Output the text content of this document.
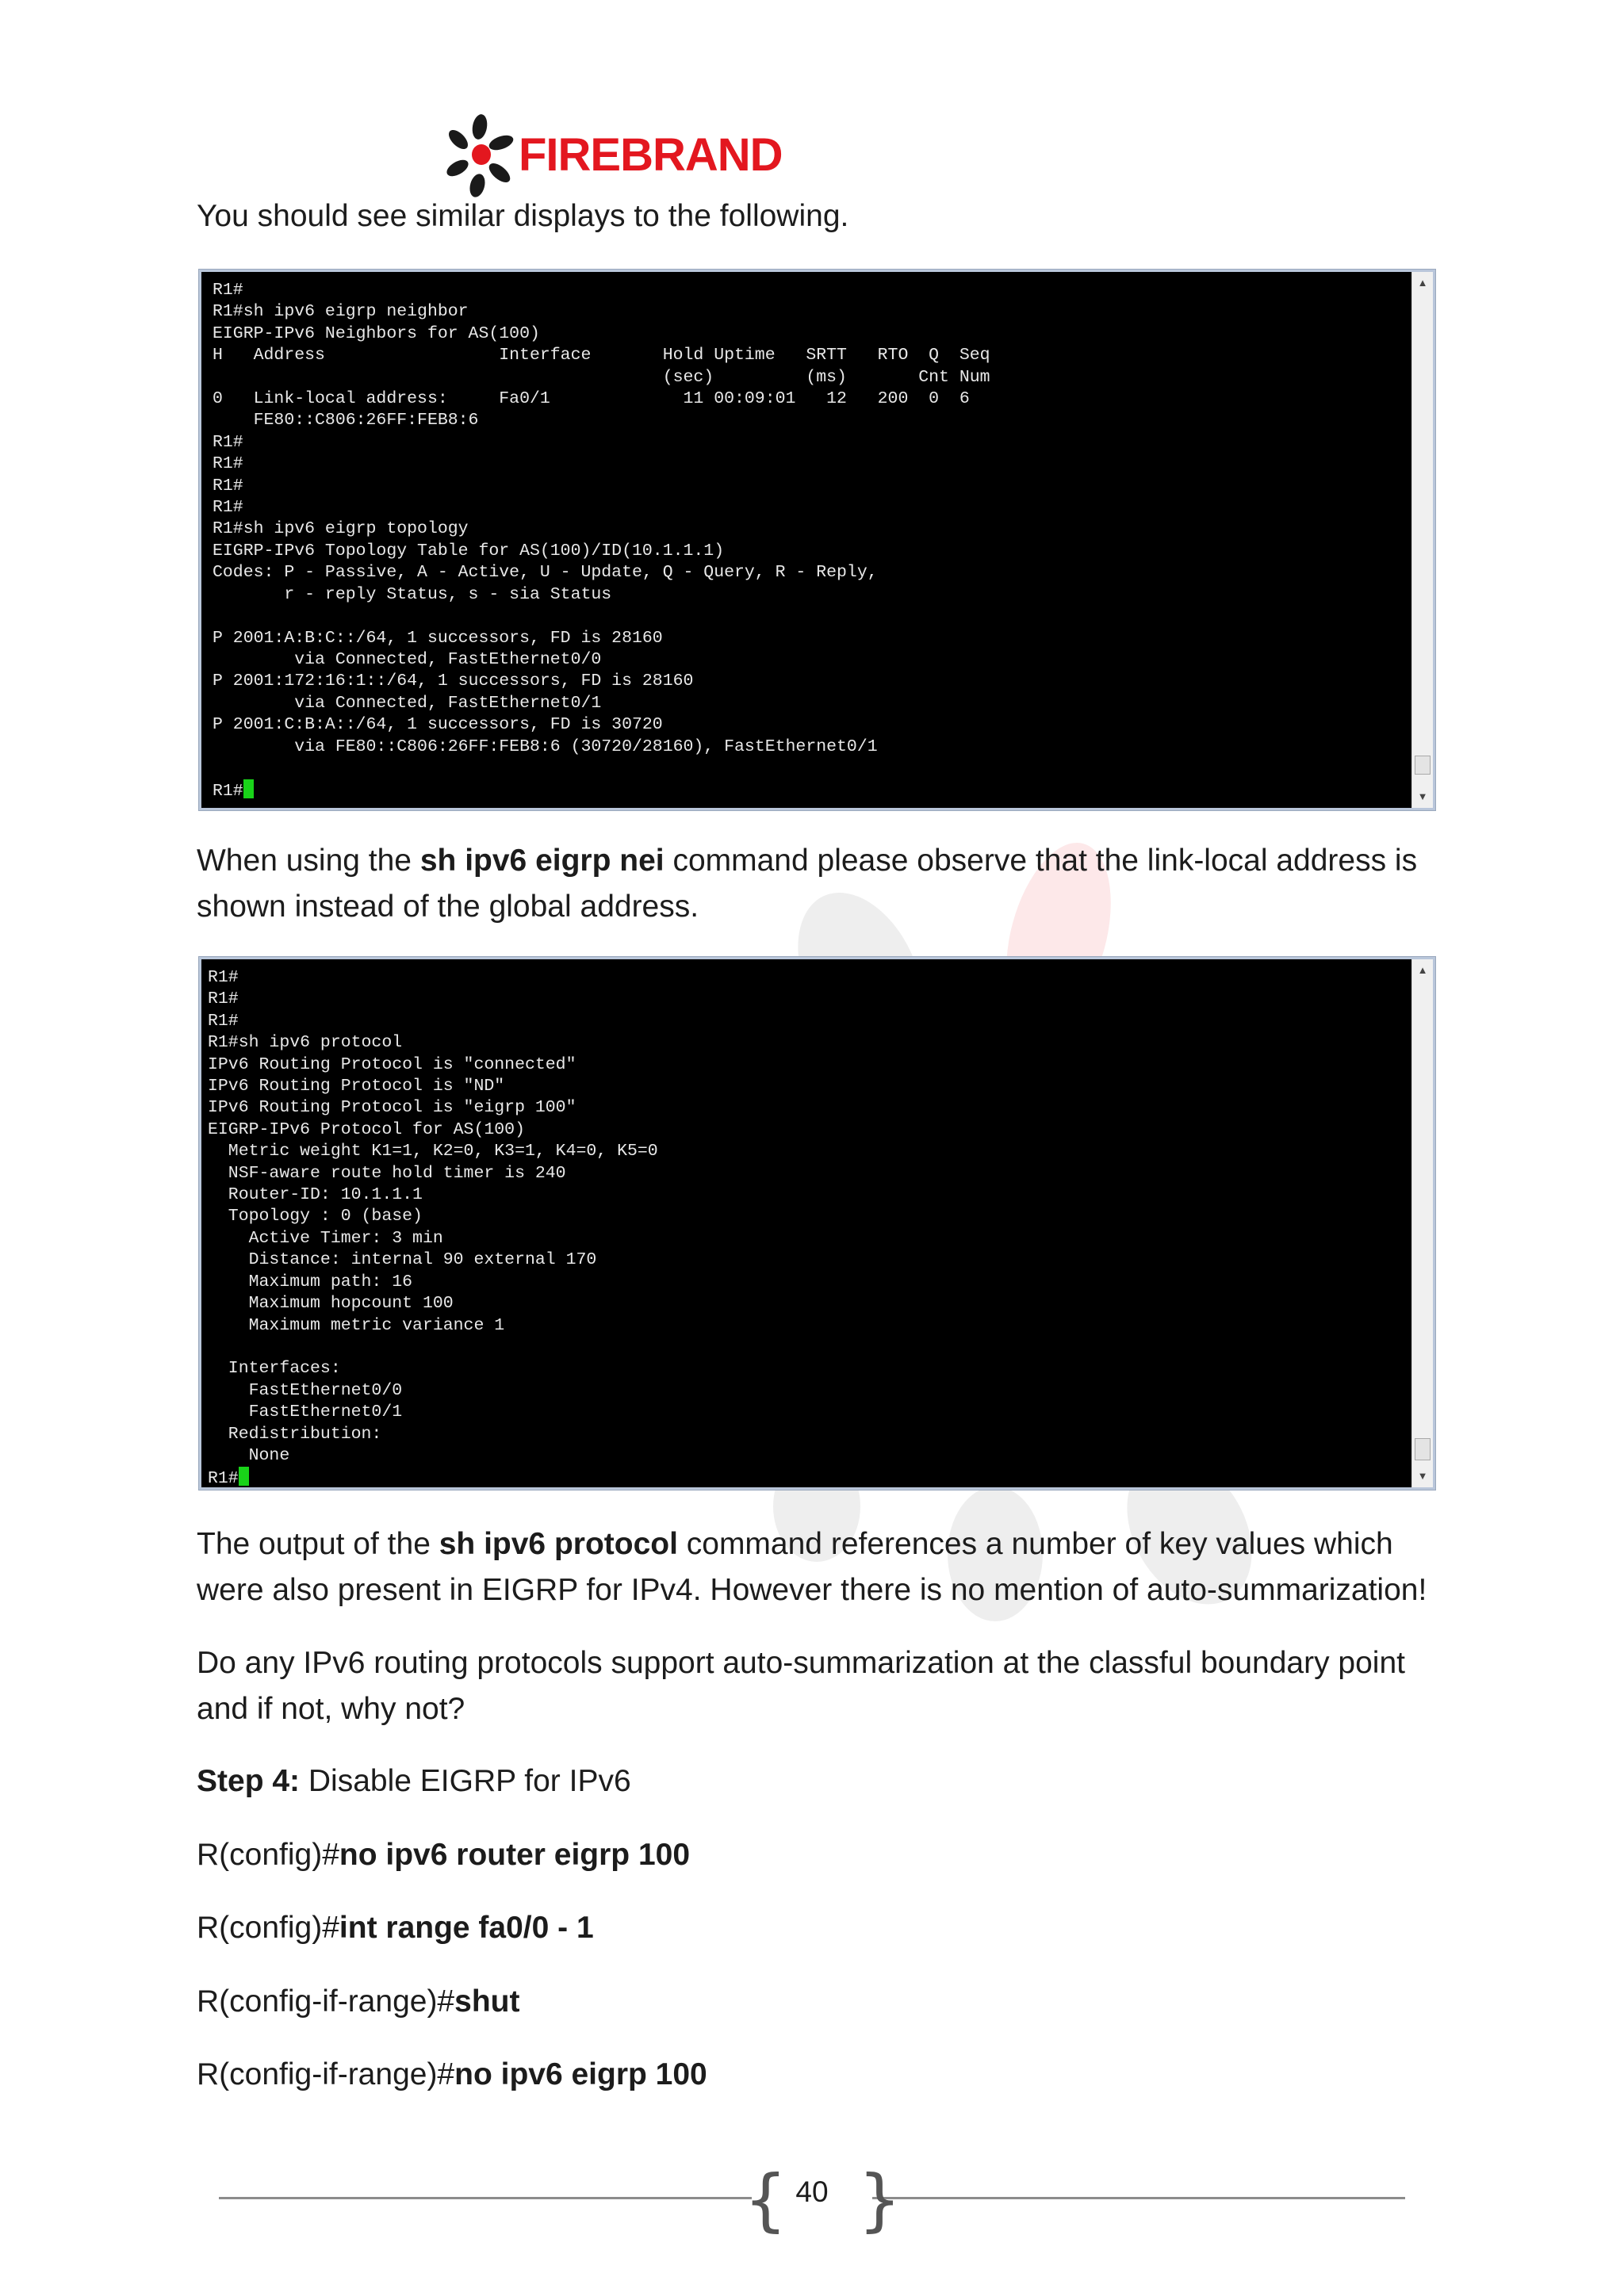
FIREBRAND
You should see similar displays to the following.
R1#
R1#sh ipv6 eigrp neighbor
EIGRP-IPv6 Neighbors for AS(100)
H   Address                 Interface       Hold Uptime   SRTT   RTO  Q  Seq
(sec)         (ms)       Cnt Num
0   Link-local address:     Fa0/1             11 00:09:01   12   200  0  6
FE80::C806:26FF:FEB8:6
R1#
R1#
R1#
R1#
R1#sh ipv6 eigrp topology
EIGRP-IPv6 Topology Table for AS(100)/ID(10.1.1.1)
Codes: P - Passive, A - Active, U - Update, Q - Query, R - Reply,
r - reply Status, s - sia Status

P 2001:A:B:C::/64, 1 successors, FD is 28160
via Connected, FastEthernet0/0
P 2001:172:16:1::/64, 1 successors, FD is 28160
via Connected, FastEthernet0/1
P 2001:C:B:A::/64, 1 successors, FD is 30720
via FE80::C806:26FF:FEB8:6 (30720/28160), FastEthernet0/1

R1#
▲
▼
When using the sh ipv6 eigrp nei command please observe that the link-local address is shown instead of the global address.
R1#
R1#
R1#
R1#sh ipv6 protocol
IPv6 Routing Protocol is "connected"
IPv6 Routing Protocol is "ND"
IPv6 Routing Protocol is "eigrp 100"
EIGRP-IPv6 Protocol for AS(100)
Metric weight K1=1, K2=0, K3=1, K4=0, K5=0
NSF-aware route hold timer is 240
Router-ID: 10.1.1.1
Topology : 0 (base)
Active Timer: 3 min
Distance: internal 90 external 170
Maximum path: 16
Maximum hopcount 100
Maximum metric variance 1

Interfaces:
FastEthernet0/0
FastEthernet0/1
Redistribution:
None
R1#
▲
▼
The output of the sh ipv6 protocol command references a number of key values which were also present in EIGRP for IPv4. However there is no mention of auto-summarization!
Do any IPv6 routing protocols support auto-summarization at the classful boundary point and if not, why not?
Step 4: Disable EIGRP for IPv6
R(config)#no ipv6 router eigrp 100
R(config)#int range fa0/0 - 1
R(config-if-range)#shut
R(config-if-range)#no ipv6 eigrp 100
{ }
40
